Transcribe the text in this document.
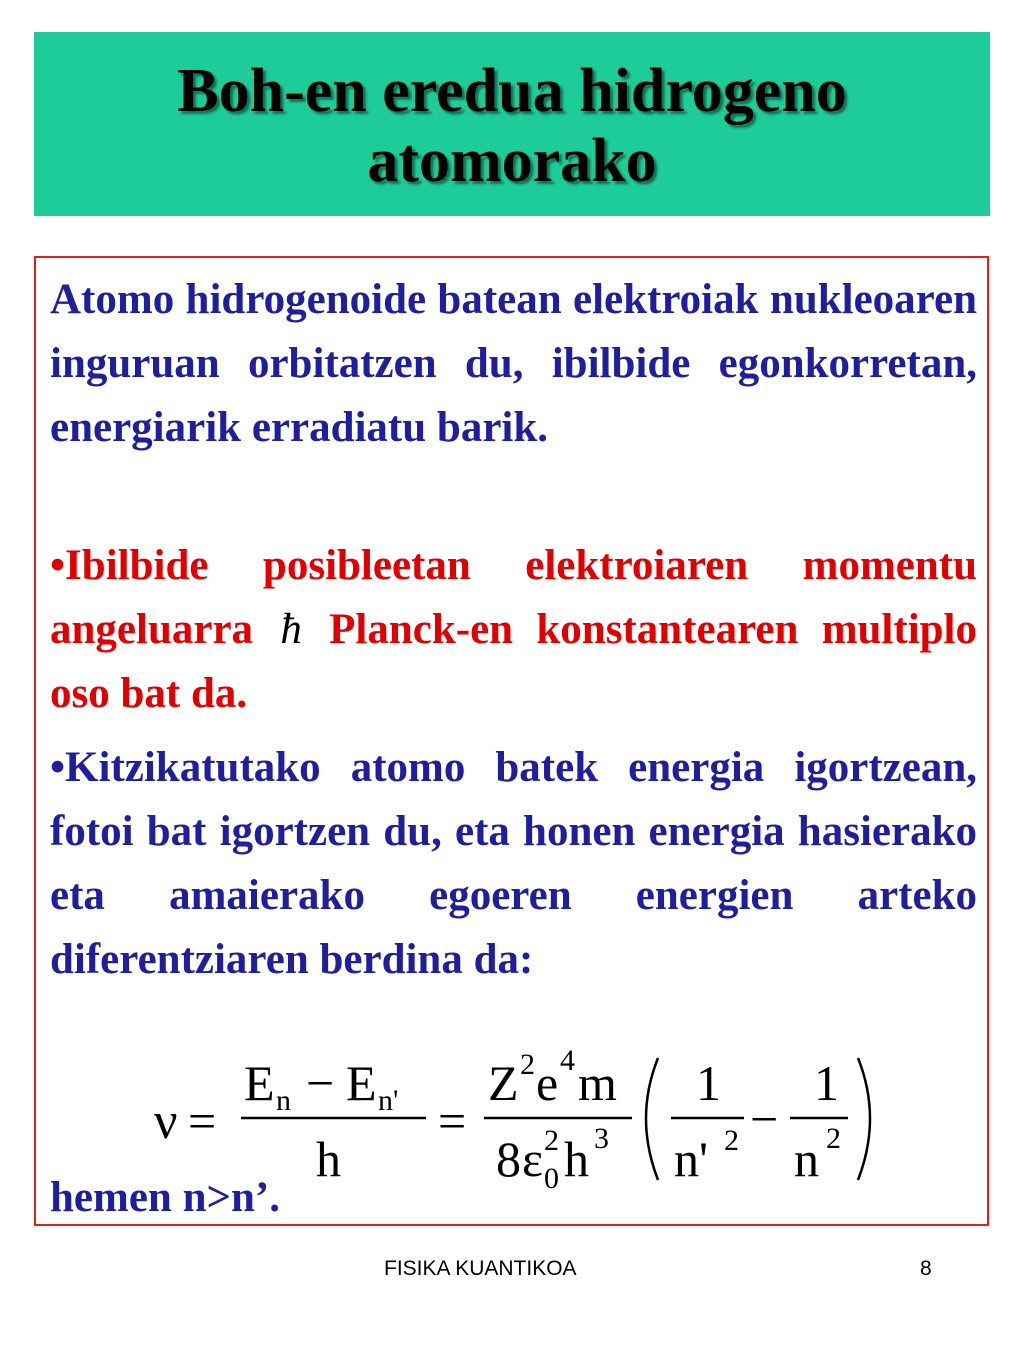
Boh-en eredua hidrogeno atomorako

Atomo hidrogenoide batean elektroiak nukleoaren inguruan orbitatzen du, ibilbide egonkorretan, energiarik erradiatu barik.

•Ibilbide posibleetan elektroiaren momentu angeluarra ħ Planck-en konstantearen multiplo oso bat da.

•Kitzikatutako atomo batek energia igortzean, fotoi bat igortzen du, eta honen energia hasierako eta amaierako egoeren energien arteko diferentziaren berdina da:

ν =
E n − E n'
h
=
Z 2 e 4 m
8 ε 2
0 h 3
1
n' 2 −
1
n 2

hemen n>n’.

FISIKA KUANTIKOA	8
